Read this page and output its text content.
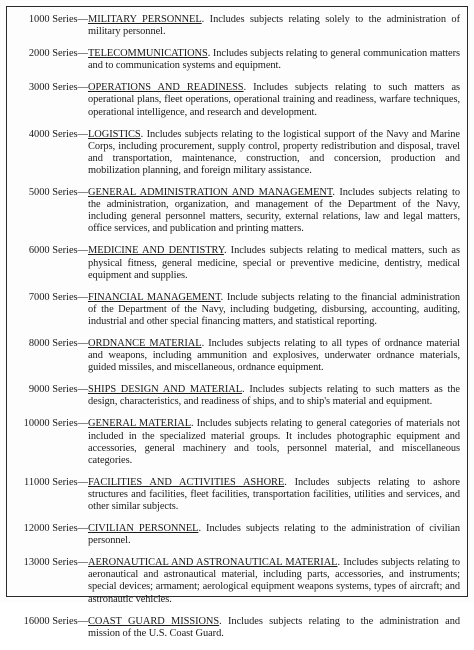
1000 Series— MILITARY PERSONNEL. Includes subjects relating solely to the administration of military personnel.
2000 Series— TELECOMMUNICATIONS. Includes subjects relating to general communication matters and to communication systems and equipment.
3000 Series— OPERATIONS AND READINESS. Includes subjects relating to such matters as operational plans, fleet operations, operational training and readiness, warfare techniques, operational intelligence, and research and development.
4000 Series— LOGISTICS. Includes subjects relating to the logistical support of the Navy and Marine Corps, including procurement, supply control, property redistribution and disposal, travel and transportation, maintenance, construction, and concersion, production and mobilization planning, and foreign military assistance.
5000 Series— GENERAL ADMINISTRATION AND MANAGEMENT. Includes subjects relating to the administration, organization, and management of the Department of the Navy, including general personnel matters, security, external relations, law and legal matters, office services, and publication and printing matters.
6000 Series— MEDICINE AND DENTISTRY. Includes subjects relating to medical matters, such as physical fitness, general medicine, special or preventive medicine, dentistry, medical equipment and supplies.
7000 Series— FINANCIAL MANAGEMENT. Include subjects relating to the financial administration of the Department of the Navy, including budgeting, disbursing, accounting, auditing, industrial and other special financing matters, and statistical reporting.
8000 Series— ORDNANCE MATERIAL. Includes subjects relating to all types of ordnance material and weapons, including ammunition and explosives, underwater ordnance materials, guided missiles, and miscellaneous, ordnance equipment.
9000 Series— SHIPS DESIGN AND MATERIAL. Includes subjects relating to such matters as the design, characteristics, and readiness of ships, and to ship's material and equipment.
10000 Series— GENERAL MATERIAL. Includes subjects relating to general categories of materials not included in the specialized material groups. It includes photographic equipment and accessories, general machinery and tools, personnel material, and miscellaneous categories.
11000 Series— FACILITIES AND ACTIVITIES ASHORE. Includes subjects relating to ashore structures and facilities, fleet facilities, transportation facilities, utilities and services, and other similar subjects.
12000 Series— CIVILIAN PERSONNEL. Includes subjects relating to the administration of civilian personnel.
13000 Series— AERONAUTICAL AND ASTRONAUTICAL MATERIAL. Includes subjects relating to aeronautical and astronautical material, including parts, accessories, and instruments; special devices; armament; aerological equipment weapons systems, types of aircraft; and astronautic vehicles.
16000 Series— COAST GUARD MISSIONS. Includes subjects relating to the administration and mission of the U.S. Coast Guard.
